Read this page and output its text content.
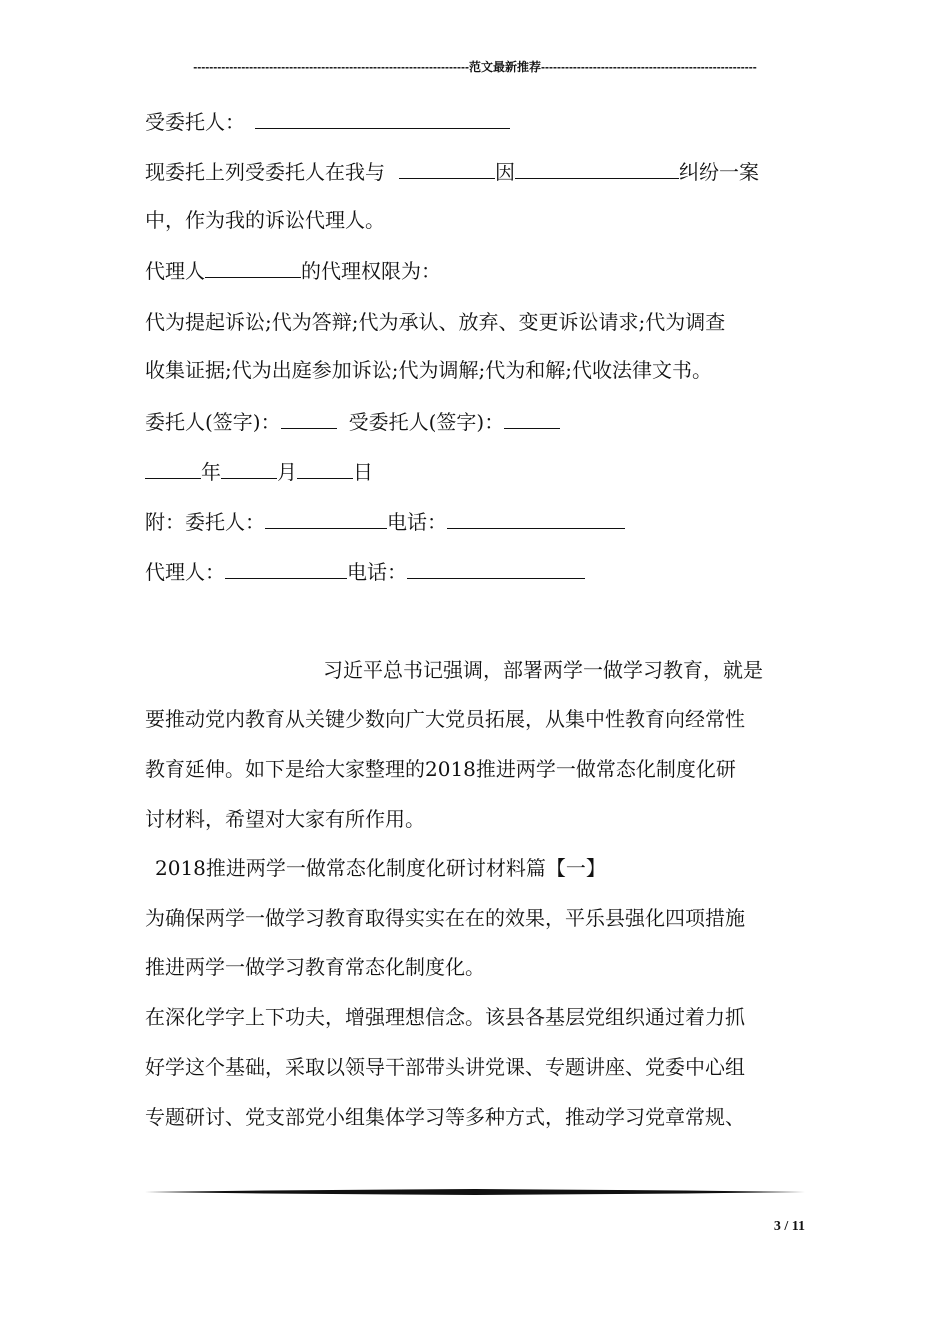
---------------------------------------------------------------------范文最新推荐------------------------------------------------------
受委托人：
现委托上列受委托人在我与	因	纠纷一案
中，作为我的诉讼代理人。
代理人	的代理权限为：
代为提起诉讼;代为答辩;代为承认、放弃、变更诉讼请求;代为调查
收集证据;代为出庭参加诉讼;代为调解;代为和解;代收法律文书。
委托人(签字)：	受委托人(签字)：
年	月	日
附：委托人：	电话：
代理人：	电话：
习近平总书记强调，部署两学一做学习教育，就是
要推动党内教育从关键少数向广大党员拓展，从集中性教育向经常性
教育延伸。如下是给大家整理的2018推进两学一做常态化制度化研
讨材料，希望对大家有所作用。
2018推进两学一做常态化制度化研讨材料篇【一】
为确保两学一做学习教育取得实实在在的效果，平乐县强化四项措施
推进两学一做学习教育常态化制度化。
在深化学字上下功夫，增强理想信念。该县各基层党组织通过着力抓
好学这个基础，采取以领导干部带头讲党课、专题讲座、党委中心组
专题研讨、党支部党小组集体学习等多种方式，推动学习党章常规、
3 / 11
